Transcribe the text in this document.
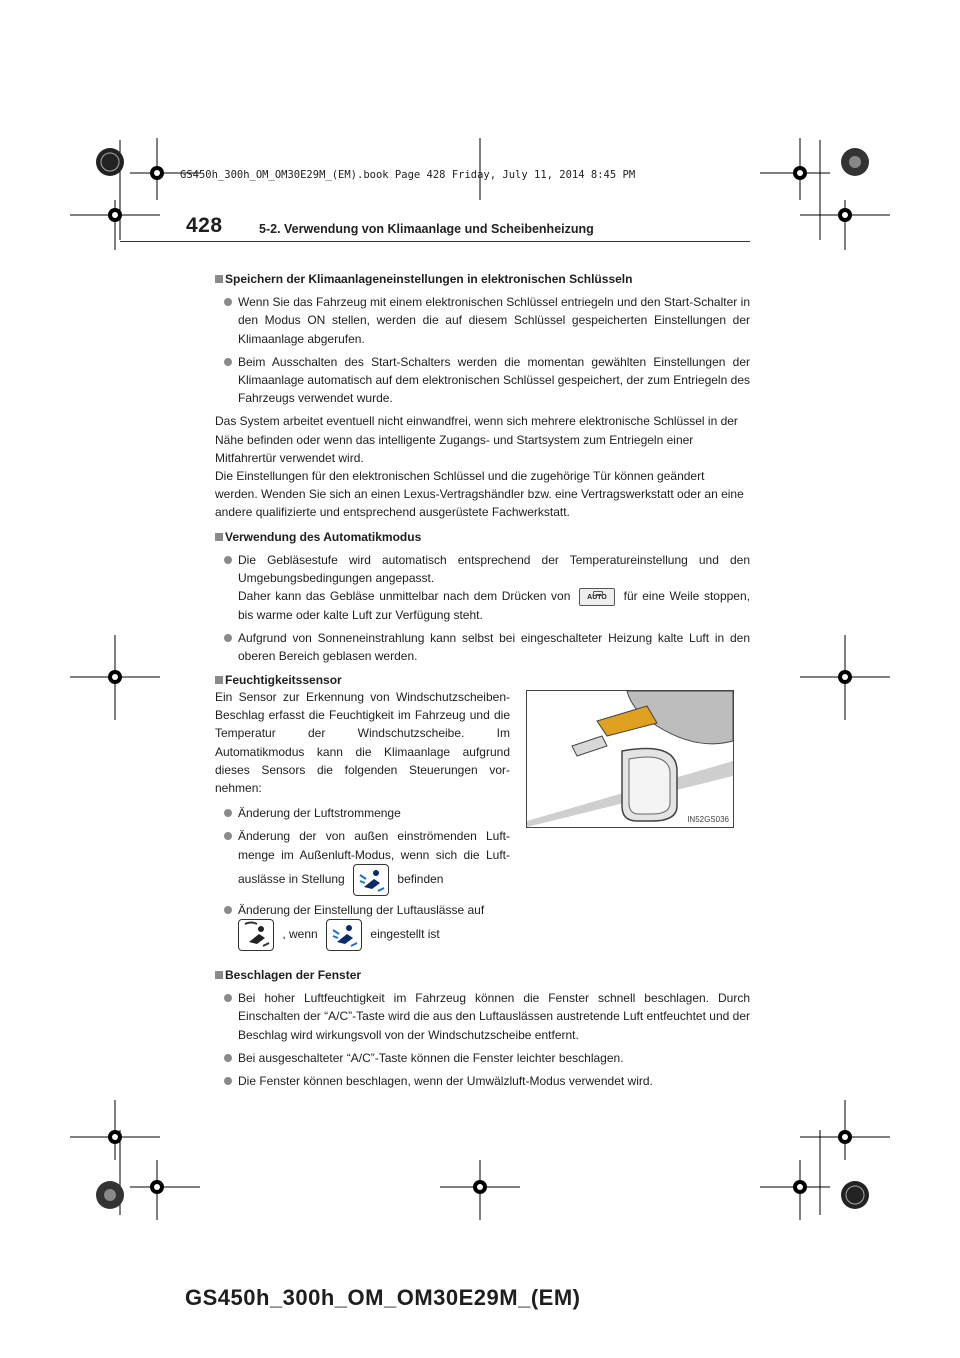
GS450h_300h_OM_OM30E29M_(EM).book Page 428 Friday, July 11, 2014 8:45 PM
428	5-2. Verwendung von Klimaanlage und Scheibenheizung
Speichern der Klimaanlageneinstellungen in elektronischen Schlüsseln
Wenn Sie das Fahrzeug mit einem elektronischen Schlüssel entriegeln und den Start-Schalter in den Modus ON stellen, werden die auf diesem Schlüssel gespeicherten Einstellungen der Klimaanlage abgerufen.
Beim Ausschalten des Start-Schalters werden die momentan gewählten Einstellungen der Klimaanlage automatisch auf dem elektronischen Schlüssel gespeichert, der zum Entriegeln des Fahrzeugs verwendet wurde.
Das System arbeitet eventuell nicht einwandfrei, wenn sich mehrere elektronische Schlüssel in der Nähe befinden oder wenn das intelligente Zugangs- und Startsystem zum Entriegeln einer Mitfahrertür verwendet wird.
Die Einstellungen für den elektronischen Schlüssel und die zugehörige Tür können geändert werden. Wenden Sie sich an einen Lexus-Vertragshändler bzw. eine Vertragswerkstatt oder an eine andere qualifizierte und entsprechend ausgerüstete Fachwerkstatt.
Verwendung des Automatikmodus
Die Gebläsestufe wird automatisch entsprechend der Temperatureinstellung und den Umgebungsbedingungen angepasst.
Daher kann das Gebläse unmittelbar nach dem Drücken von AUTO für eine Weile stoppen, bis warme oder kalte Luft zur Verfügung steht.
Aufgrund von Sonneneinstrahlung kann selbst bei eingeschalteter Heizung kalte Luft in den oberen Bereich geblasen werden.
Feuchtigkeitssensor
Ein Sensor zur Erkennung von Windschutzscheiben-Beschlag erfasst die Feuchtigkeit im Fahrzeug und die Temperatur der Windschutzscheibe. Im Automatikmodus kann die Klimaanlage aufgrund dieses Sensors die folgenden Steuerungen vornehmen:
Änderung der Luftstrommenge
Änderung der von außen einströmenden Luftmenge im Außenluft-Modus, wenn sich die Luftauslässe in Stellung	befinden
Änderung der Einstellung der Luftauslässe auf
, wenn	eingestellt ist
IN52GS036
Beschlagen der Fenster
Bei hoher Luftfeuchtigkeit im Fahrzeug können die Fenster schnell beschlagen. Durch Einschalten der “A/C”-Taste wird die aus den Luftauslässen austretende Luft entfeuchtet und der Beschlag wird wirkungsvoll von der Windschutzscheibe entfernt.
Bei ausgeschalteter “A/C”-Taste können die Fenster leichter beschlagen.
Die Fenster können beschlagen, wenn der Umwälzluft-Modus verwendet wird.
GS450h_300h_OM_OM30E29M_(EM)
